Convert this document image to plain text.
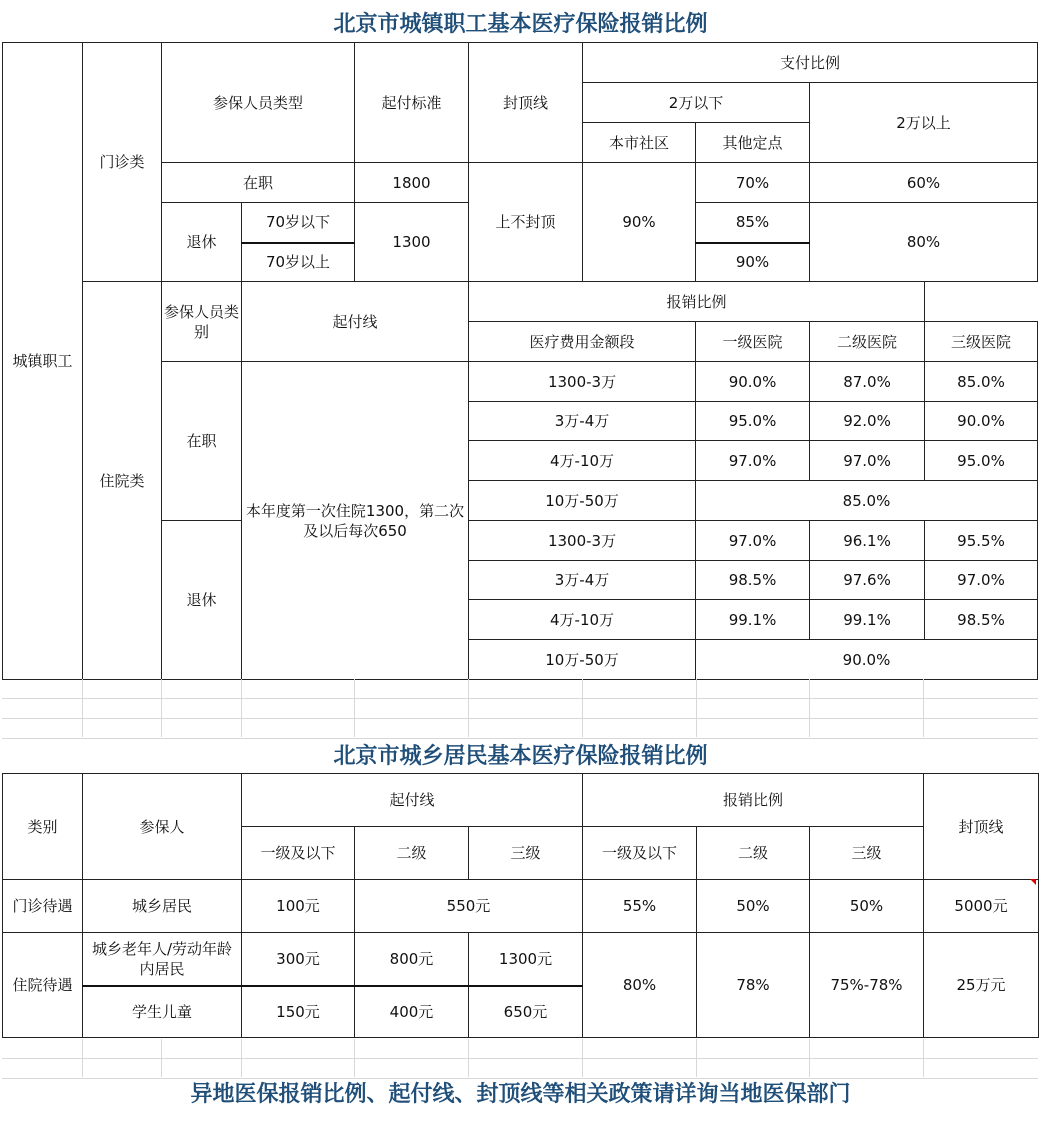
北京市城镇职工基本医疗保险报销比例
城镇职工	门诊类	参保人员类型		起付标准	封顶线	支付比例			
						2万以下		2万以上	
						本市社区	其他定点		
		在职		1800	上不封顶	90%	70%	60%	
		退休	70岁以下	1300			85%	80%	
			70岁以上				90%		
	住院类	参保人员类别	起付线		报销比例				
					医疗费用金额段		一级医院	二级医院	三级医院
		在职	本年度第一次住院1300，第二次及以后每次650		1300-3万		90.0%	87.0%	85.0%
					3万-4万		95.0%	92.0%	90.0%
					4万-10万		97.0%	97.0%	95.0%
					10万-50万		85.0%		
		退休			1300-3万		97.0%	96.1%	95.5%
					3万-4万		98.5%	97.6%	97.0%
					4万-10万		99.1%	99.1%	98.5%
					10万-50万		90.0%		
北京市城乡居民基本医疗保险报销比例
类别	参保人	起付线			报销比例			封顶线
		一级及以下	二级	三级	一级及以下	二级	三级	
门诊待遇	城乡居民	100元	550元		55%	50%	50%	5000元
住院待遇	城乡老年人/劳动年龄内居民	300元	800元	1300元	80%	78%	75%-78%	25万元
	学生儿童	150元	400元	650元				
异地医保报销比例、起付线、封顶线等相关政策请详询当地医保部门
